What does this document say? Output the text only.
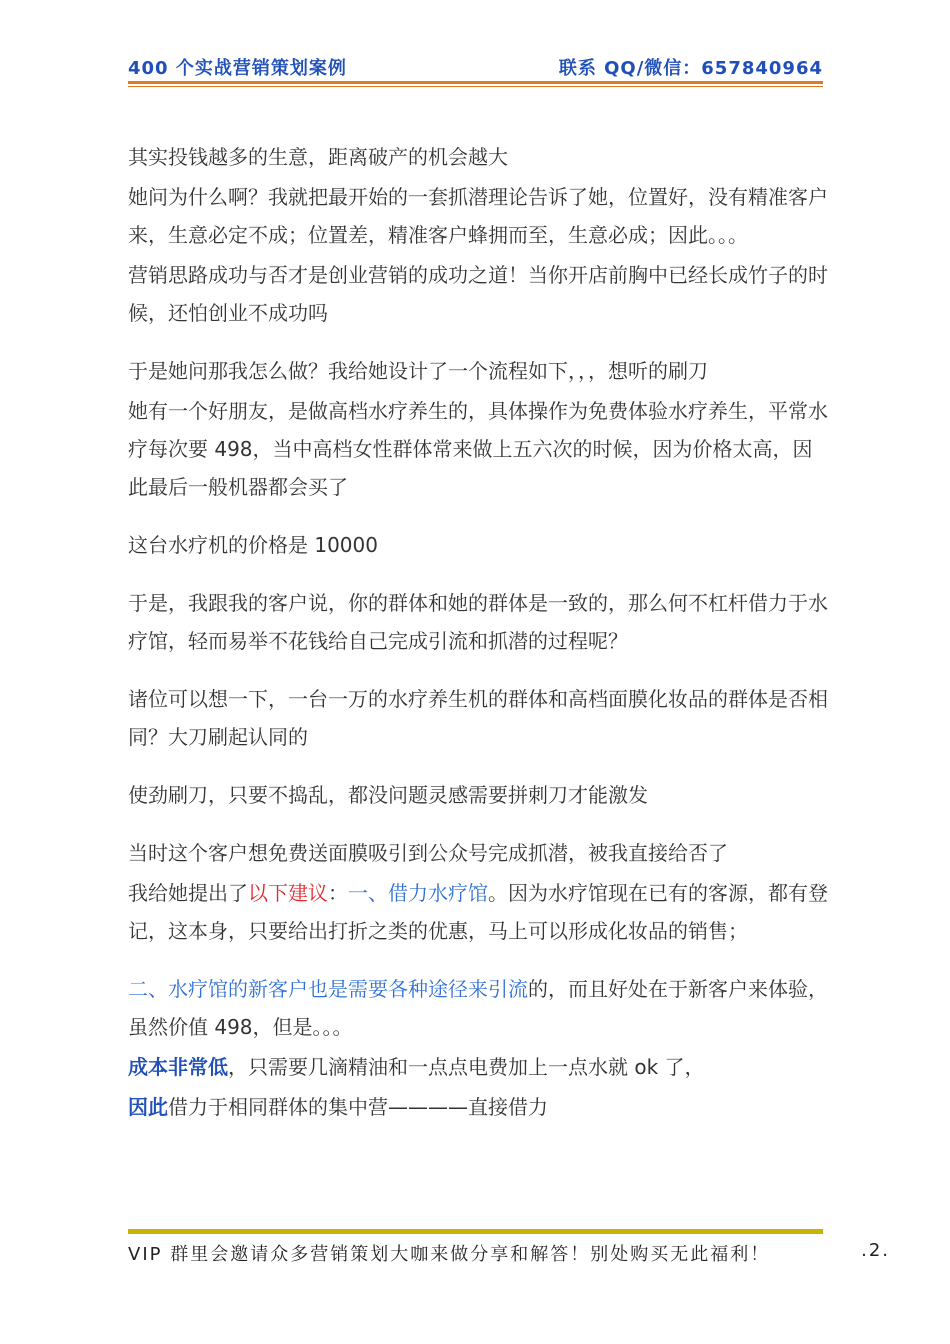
400 个实战营销策划案例	联系 QQ/微信：657840964

其实投钱越多的生意，距离破产的机会越大

她问为什么啊？我就把最开始的一套抓潜理论告诉了她，位置好，没有精准客户来，生意必定不成；位置差，精准客户蜂拥而至，生意必成；因此。。。

营销思路成功与否才是创业营销的成功之道！当你开店前胸中已经长成竹子的时候，还怕创业不成功吗

于是她问那我怎么做？我给她设计了一个流程如下，，，想听的刷刀

她有一个好朋友，是做高档水疗养生的，具体操作为免费体验水疗养生，平常水疗每次要 498，当中高档女性群体常来做上五六次的时候，因为价格太高，因此最后一般机器都会买了

这台水疗机的价格是 10000

于是，我跟我的客户说，你的群体和她的群体是一致的，那么何不杠杆借力于水疗馆，轻而易举不花钱给自己完成引流和抓潜的过程呢？

诸位可以想一下，一台一万的水疗养生机的群体和高档面膜化妆品的群体是否相同？大刀刷起认同的

使劲刷刀，只要不捣乱，都没问题灵感需要拼刺刀才能激发

当时这个客户想免费送面膜吸引到公众号完成抓潜，被我直接给否了

我给她提出了以下建议：一、借力水疗馆。因为水疗馆现在已有的客源，都有登记，这本身，只要给出打折之类的优惠，马上可以形成化妆品的销售；

二、水疗馆的新客户也是需要各种途径来引流的，而且好处在于新客户来体验，虽然价值 498，但是。。。

成本非常低，只需要几滴精油和一点点电费加上一点水就 ok 了，

因此借力于相同群体的集中营————直接借力

VIP 群里会邀请众多营销策划大咖来做分享和解答！别处购买无此福利！	.2.
